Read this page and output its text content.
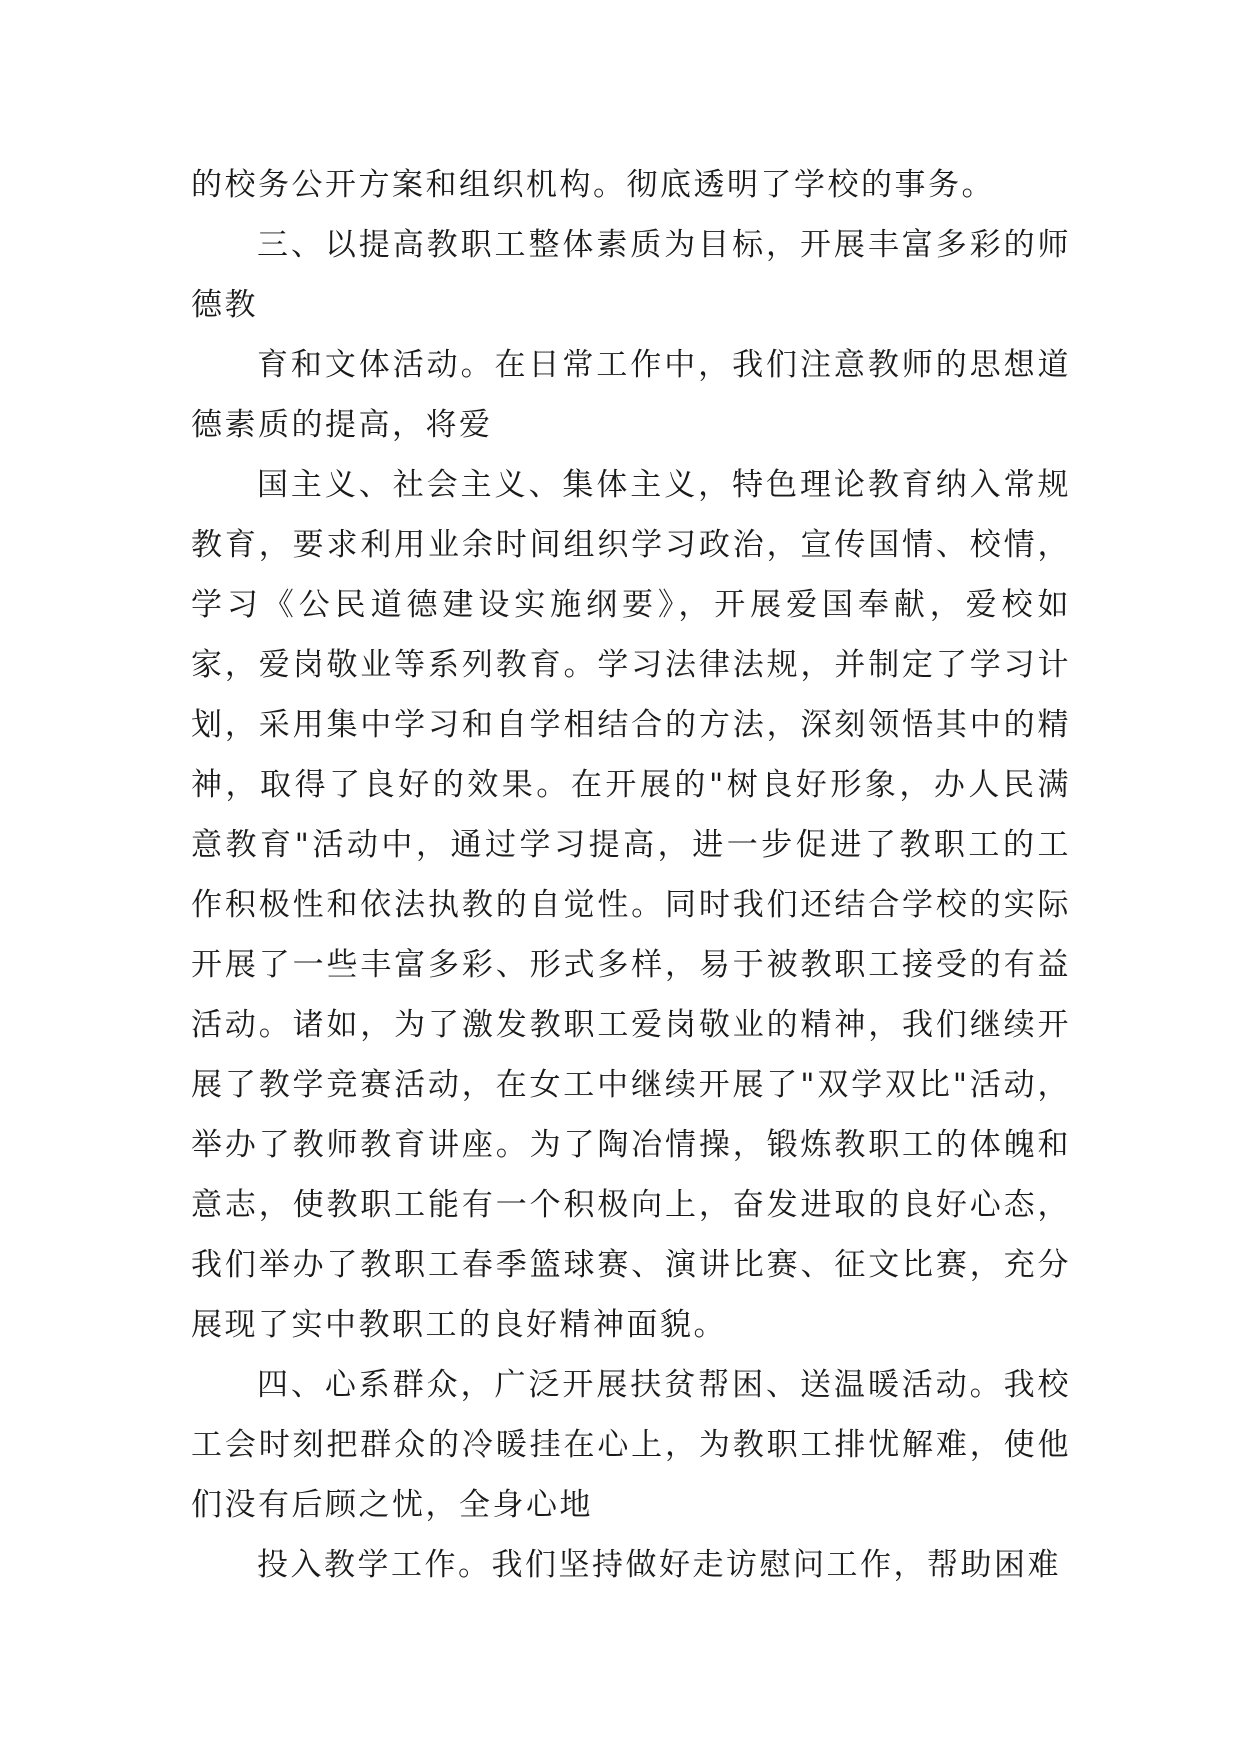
的校务公开方案和组织机构。彻底透明了学校的事务。

三、以提高教职工整体素质为目标，开展丰富多彩的师德教

育和文体活动。在日常工作中，我们注意教师的思想道德素质的提高，将爱

国主义、社会主义、集体主义，特色理论教育纳入常规教育，要求利用业余时间组织学习政治，宣传国情、校情，学习《公民道德建设实施纲要》，开展爱国奉献，爱校如家，爱岗敬业等系列教育。学习法律法规，并制定了学习计划，采用集中学习和自学相结合的方法，深刻领悟其中的精神，取得了良好的效果。在开展的"树良好形象，办人民满意教育"活动中，通过学习提高，进一步促进了教职工的工作积极性和依法执教的自觉性。同时我们还结合学校的实际开展了一些丰富多彩、形式多样，易于被教职工接受的有益活动。诸如，为了激发教职工爱岗敬业的精神，我们继续开展了教学竞赛活动，在女工中继续开展了"双学双比"活动，举办了教师教育讲座。为了陶冶情操，锻炼教职工的体魄和意志，使教职工能有一个积极向上，奋发进取的良好心态，我们举办了教职工春季篮球赛、演讲比赛、征文比赛，充分展现了实中教职工的良好精神面貌。

四、心系群众，广泛开展扶贫帮困、送温暖活动。我校工会时刻把群众的冷暖挂在心上，为教职工排忧解难，使他们没有后顾之忧，全身心地

投入教学工作。我们坚持做好走访慰问工作，帮助困难
